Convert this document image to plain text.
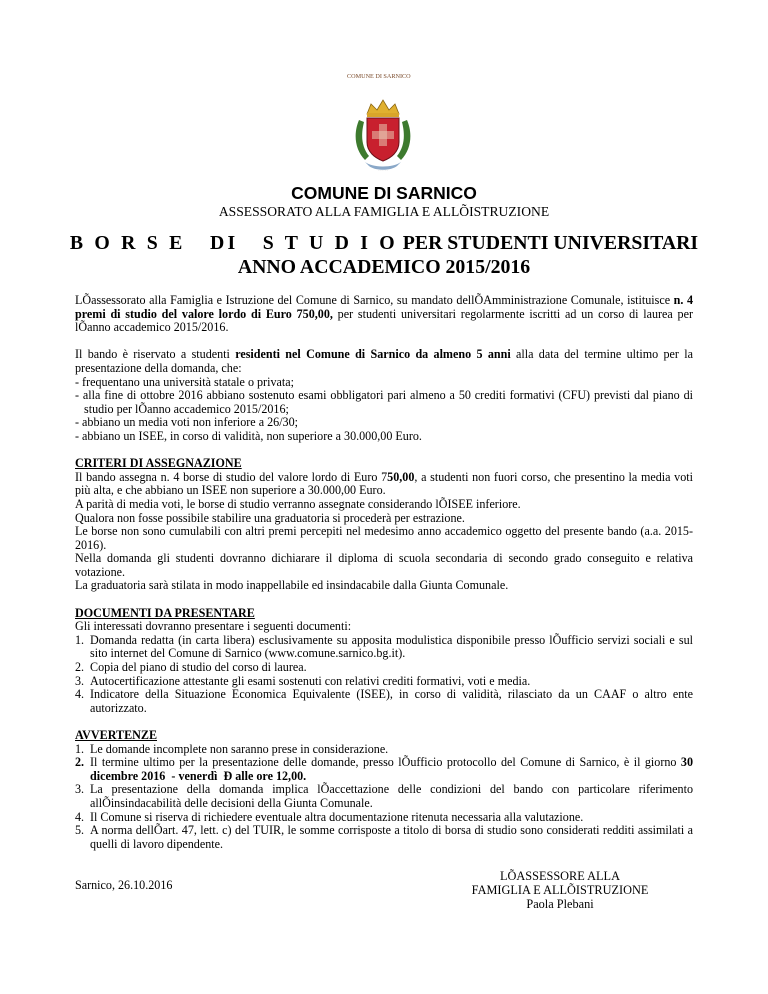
COMUNE DI SARNICO
· · · · ·
COMUNE DI SARNICO
ASSESSORATO ALLA FAMIGLIA E ALLÕISTRUZIONE
B O R S E   DI   S T U D I O PER STUDENTI UNIVERSITARI
ANNO ACCADEMICO 2015/2016

LÕassessorato alla Famiglia e Istruzione del Comune di Sarnico, su mandato dellÕAmministrazione Comunale, istituisce n. 4 premi di studio del valore lordo di Euro 750,00, per studenti universitari regolarmente iscritti ad un corso di laurea per lÕanno accademico 2015/2016.

Il bando è riservato a studenti residenti nel Comune di Sarnico da almeno 5 anni alla data del termine ultimo per la presentazione della domanda, che:

- frequentano una università statale o privata;

- alla fine di ottobre 2016 abbiano sostenuto esami obbligatori pari almeno a 50 crediti formativi (CFU) previsti dal piano di studio per lÕanno accademico 2015/2016;

- abbiano un media voti non inferiore a 26/30;

- abbiano un ISEE, in corso di validità, non superiore a 30.000,00 Euro.

CRITERI DI ASSEGNAZIONE

Il bando assegna n. 4 borse di studio del valore lordo di Euro 750,00, a studenti non fuori corso, che presentino la media voti più alta, e che abbiano un ISEE non superiore a 30.000,00 Euro.

A parità di media voti, le borse di studio verranno assegnate considerando lÕISEE inferiore.

Qualora non fosse possibile stabilire una graduatoria si procederà per estrazione.

Le borse non sono cumulabili con altri premi percepiti nel medesimo anno accademico oggetto del presente bando (a.a. 2015-2016).

Nella domanda gli studenti dovranno dichiarare il diploma di scuola secondaria di secondo grado conseguito e relativa votazione.

La graduatoria sarà stilata in modo inappellabile ed insindacabile dalla Giunta Comunale.

DOCUMENTI DA PRESENTARE

Gli interessati dovranno presentare i seguenti documenti:

1. Domanda redatta (in carta libera) esclusivamente su apposita modulistica disponibile presso lÕufficio servizi sociali e sul sito internet del Comune di Sarnico (www.comune.sarnico.bg.it).
2. Copia del piano di studio del corso di laurea.
3. Autocertificazione attestante gli esami sostenuti con relativi crediti formativi, voti e media.
4. Indicatore della Situazione Economica Equivalente (ISEE), in corso di validità, rilasciato da un CAAF o altro ente autorizzato.

AVVERTENZE

1. Le domande incomplete non saranno prese in considerazione.
2. Il termine ultimo per la presentazione delle domande, presso lÕufficio protocollo del Comune di Sarnico, è il giorno 30 dicembre 2016  - venerdì  Ð alle ore 12,00.
3. La presentazione della domanda implica lÕaccettazione delle condizioni del bando con particolare riferimento allÕinsindacabilità delle decisioni della Giunta Comunale.
4. Il Comune si riserva di richiedere eventuale altra documentazione ritenuta necessaria alla valutazione.
5. A norma dellÕart. 47, lett. c) del TUIR, le somme corrisposte a titolo di borsa di studio sono considerati redditi assimilati a quelli di lavoro dipendente.

Sarnico, 26.10.2016

LÕASSESSORE ALLA
FAMIGLIA E ALLÕISTRUZIONE
Paola Plebani
